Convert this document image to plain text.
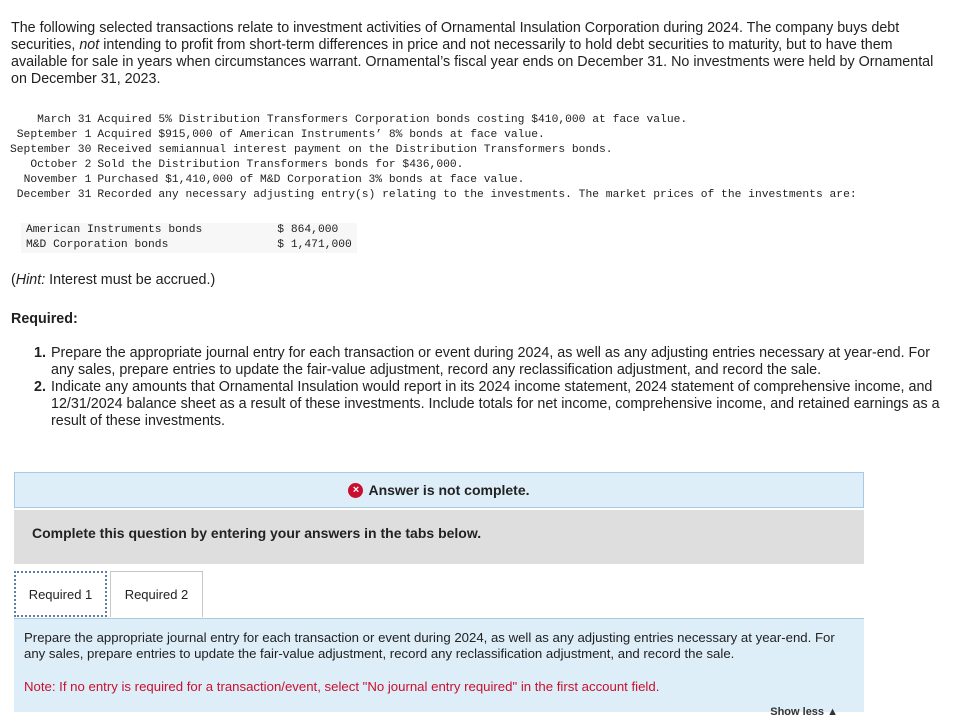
The following selected transactions relate to investment activities of Ornamental Insulation Corporation during 2024. The company buys debt securities, not intending to profit from short-term differences in price and not necessarily to hold debt securities to maturity, but to have them available for sale in years when circumstances warrant. Ornamental’s fiscal year ends on December 31. No investments were held by Ornamental on December 31, 2023.
March 31	Acquired 5% Distribution Transformers Corporation bonds costing $410,000 at face value.
September 1	Acquired $915,000 of American Instruments’ 8% bonds at face value.
September 30	Received semiannual interest payment on the Distribution Transformers bonds.
October 2	Sold the Distribution Transformers bonds for $436,000.
November 1	Purchased $1,410,000 of M&D Corporation 3% bonds at face value.
December 31	Recorded any necessary adjusting entry(s) relating to the investments. The market prices of the investments are:
American Instruments bonds	$ 864,000
M&D Corporation bonds	$ 1,471,000
(Hint: Interest must be accrued.)
Required:
1. Prepare the appropriate journal entry for each transaction or event during 2024, as well as any adjusting entries necessary at year-end. For any sales, prepare entries to update the fair-value adjustment, record any reclassification adjustment, and record the sale.
2. Indicate any amounts that Ornamental Insulation would report in its 2024 income statement, 2024 statement of comprehensive income, and 12/31/2024 balance sheet as a result of these investments. Include totals for net income, comprehensive income, and retained earnings as a result of these investments.
× Answer is not complete.
Complete this question by entering your answers in the tabs below.
Required 1	Required 2
Prepare the appropriate journal entry for each transaction or event during 2024, as well as any adjusting entries necessary at year-end. For any sales, prepare entries to update the fair-value adjustment, record any reclassification adjustment, and record the sale.
Note: If no entry is required for a transaction/event, select "No journal entry required" in the first account field.
Show less ▲
